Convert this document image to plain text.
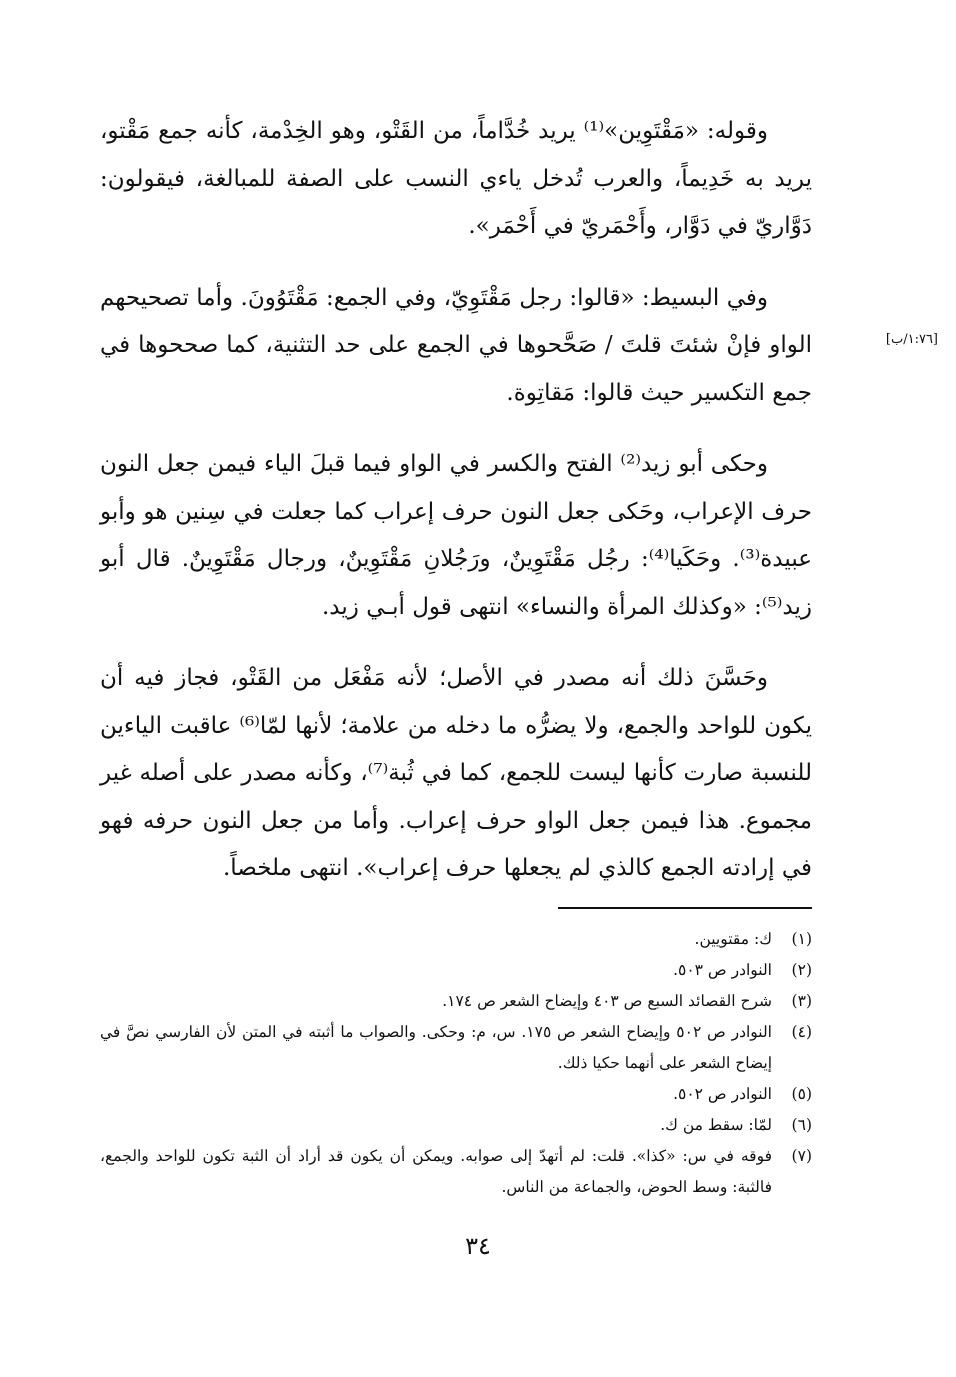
وقوله: «مَقْتَوِين»⁽¹⁾ يريد خُدَّاماً، من القَتْو، وهو الخِدْمة، كأنه جمع مَقْتو، يريد به خَدِيماً، والعرب تُدخل ياءي النسب على الصفة للمبالغة، فيقولون: دَوَّاريّ في دَوَّار، وأَحْمَريّ في أَحْمَر».

وفي البسيط: «قالوا: رجل مَقْتَوِيّ، وفي الجمع: مَقْتَوُونَ. وأما تصحيحهم الواو فإنْ شئتَ قلتَ / صَحَّحوها في الجمع على حد التثنية، كما صححوها في جمع التكسير حيث قالوا: مَقاتِوة.

وحكى أبو زيد⁽²⁾ الفتح والكسر في الواو فيما قبلَ الياء فيمن جعل النون حرف الإعراب، وحَكى جعل النون حرف إعراب كما جعلت في سِنين هو وأبو عبيدة⁽³⁾. وحَكَيا⁽⁴⁾: رجُل مَقْتَوِينٌ، ورَجُلانِ مَقْتَوِينٌ، ورجال مَقْتَوِينٌ. قال أبو زيد⁽⁵⁾: «وكذلك المرأة والنساء» انتهى قول أبـي زيد.

وحَسَّنَ ذلك أنه مصدر في الأصل؛ لأنه مَفْعَل من القَتْو، فجاز فيه أن يكون للواحد والجمع، ولا يضرُّه ما دخله من علامة؛ لأنها لمّا⁽⁶⁾ عاقبت الياءين للنسبة صارت كأنها ليست للجمع، كما في ثُبة⁽⁷⁾، وكأنه مصدر على أصله غير مجموع. هذا فيمن جعل الواو حرف إعراب. وأما من جعل النون حرفه فهو في إرادته الجمع كالذي لم يجعلها حرف إعراب». انتهى ملخصاً.

[١:٧٦/ب]
(١)
ك: مقتويين.
(٢)
النوادر ص ٥٠٣.
(٣)
شرح القصائد السبع ص ٤٠٣ وإيضاح الشعر ص ١٧٤.
(٤)
النوادر ص ٥٠٢ وإيضاح الشعر ص ١٧٥. س، م: وحكى. والصواب ما أثبته في المتن لأن الفارسي نصَّ في إيضاح الشعر على أنهما حكيا ذلك.
(٥)
النوادر ص ٥٠٢.
(٦)
لمّا: سقط من ك.
(٧)
فوقه في س: «كذا». قلت: لم أتهدّ إلى صوابه. ويمكن أن يكون قد أراد أن الثبة تكون للواحد والجمع، فالثبة: وسط الحوض، والجماعة من الناس.
٣٤
